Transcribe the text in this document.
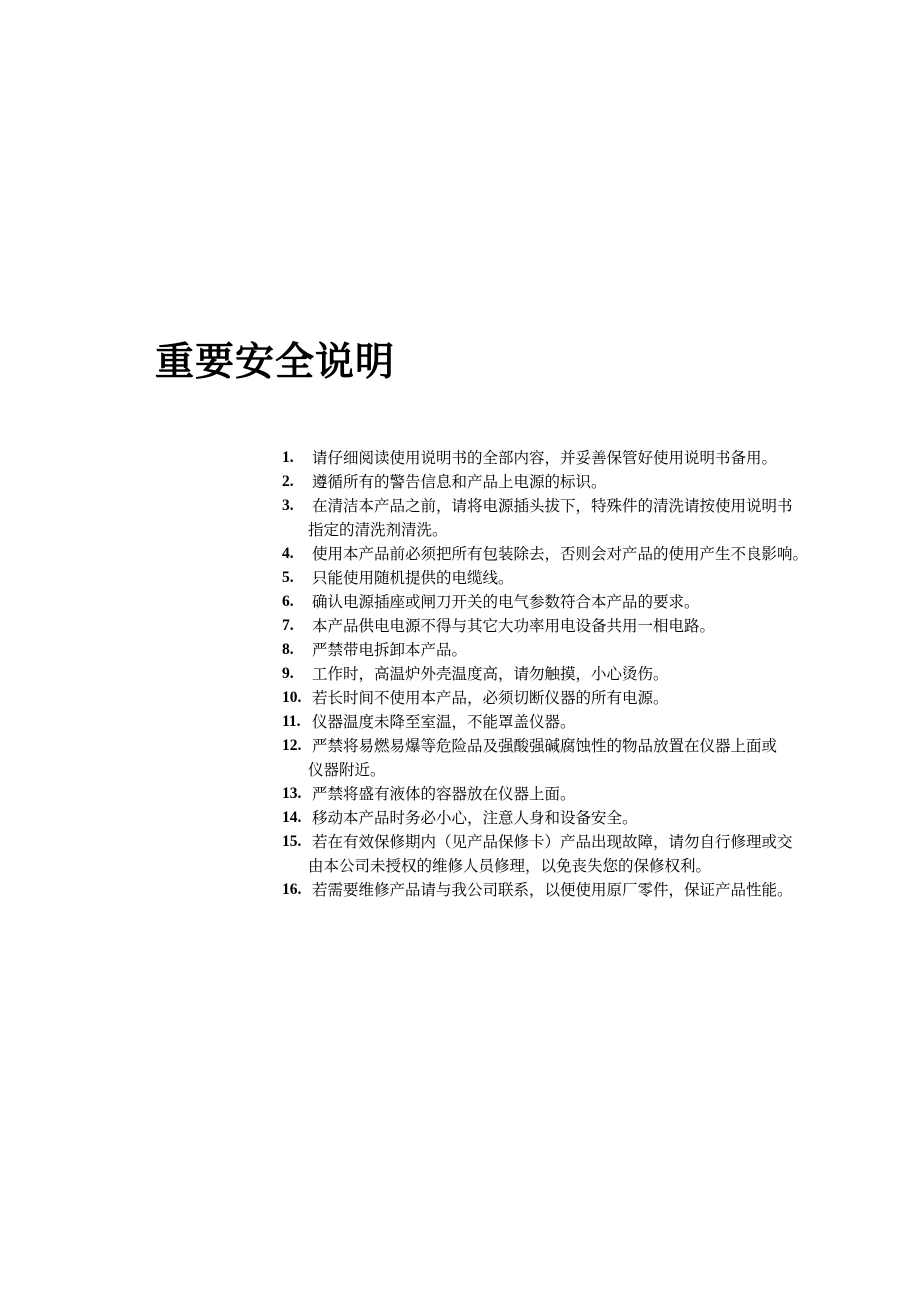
重要安全说明
1. 请仔细阅读使用说明书的全部内容，并妥善保管好使用说明书备用。
2. 遵循所有的警告信息和产品上电源的标识。
3. 在清洁本产品之前，请将电源插头拔下，特殊件的清洗请按使用说明书
指定的清洗剂清洗。
4. 使用本产品前必须把所有包装除去，否则会对产品的使用产生不良影响。
5. 只能使用随机提供的电缆线。
6. 确认电源插座或闸刀开关的电气参数符合本产品的要求。
7. 本产品供电电源不得与其它大功率用电设备共用一相电路。
8. 严禁带电拆卸本产品。
9. 工作时，高温炉外壳温度高，请勿触摸，小心烫伤。
10. 若长时间不使用本产品，必须切断仪器的所有电源。
11. 仪器温度未降至室温，不能罩盖仪器。
12. 严禁将易燃易爆等危险品及强酸强碱腐蚀性的物品放置在仪器上面或
仪器附近。
13. 严禁将盛有液体的容器放在仪器上面。
14. 移动本产品时务必小心，注意人身和设备安全。
15. 若在有效保修期内（见产品保修卡）产品出现故障，请勿自行修理或交
由本公司未授权的维修人员修理，以免丧失您的保修权利。
16. 若需要维修产品请与我公司联系，以便使用原厂零件，保证产品性能。
